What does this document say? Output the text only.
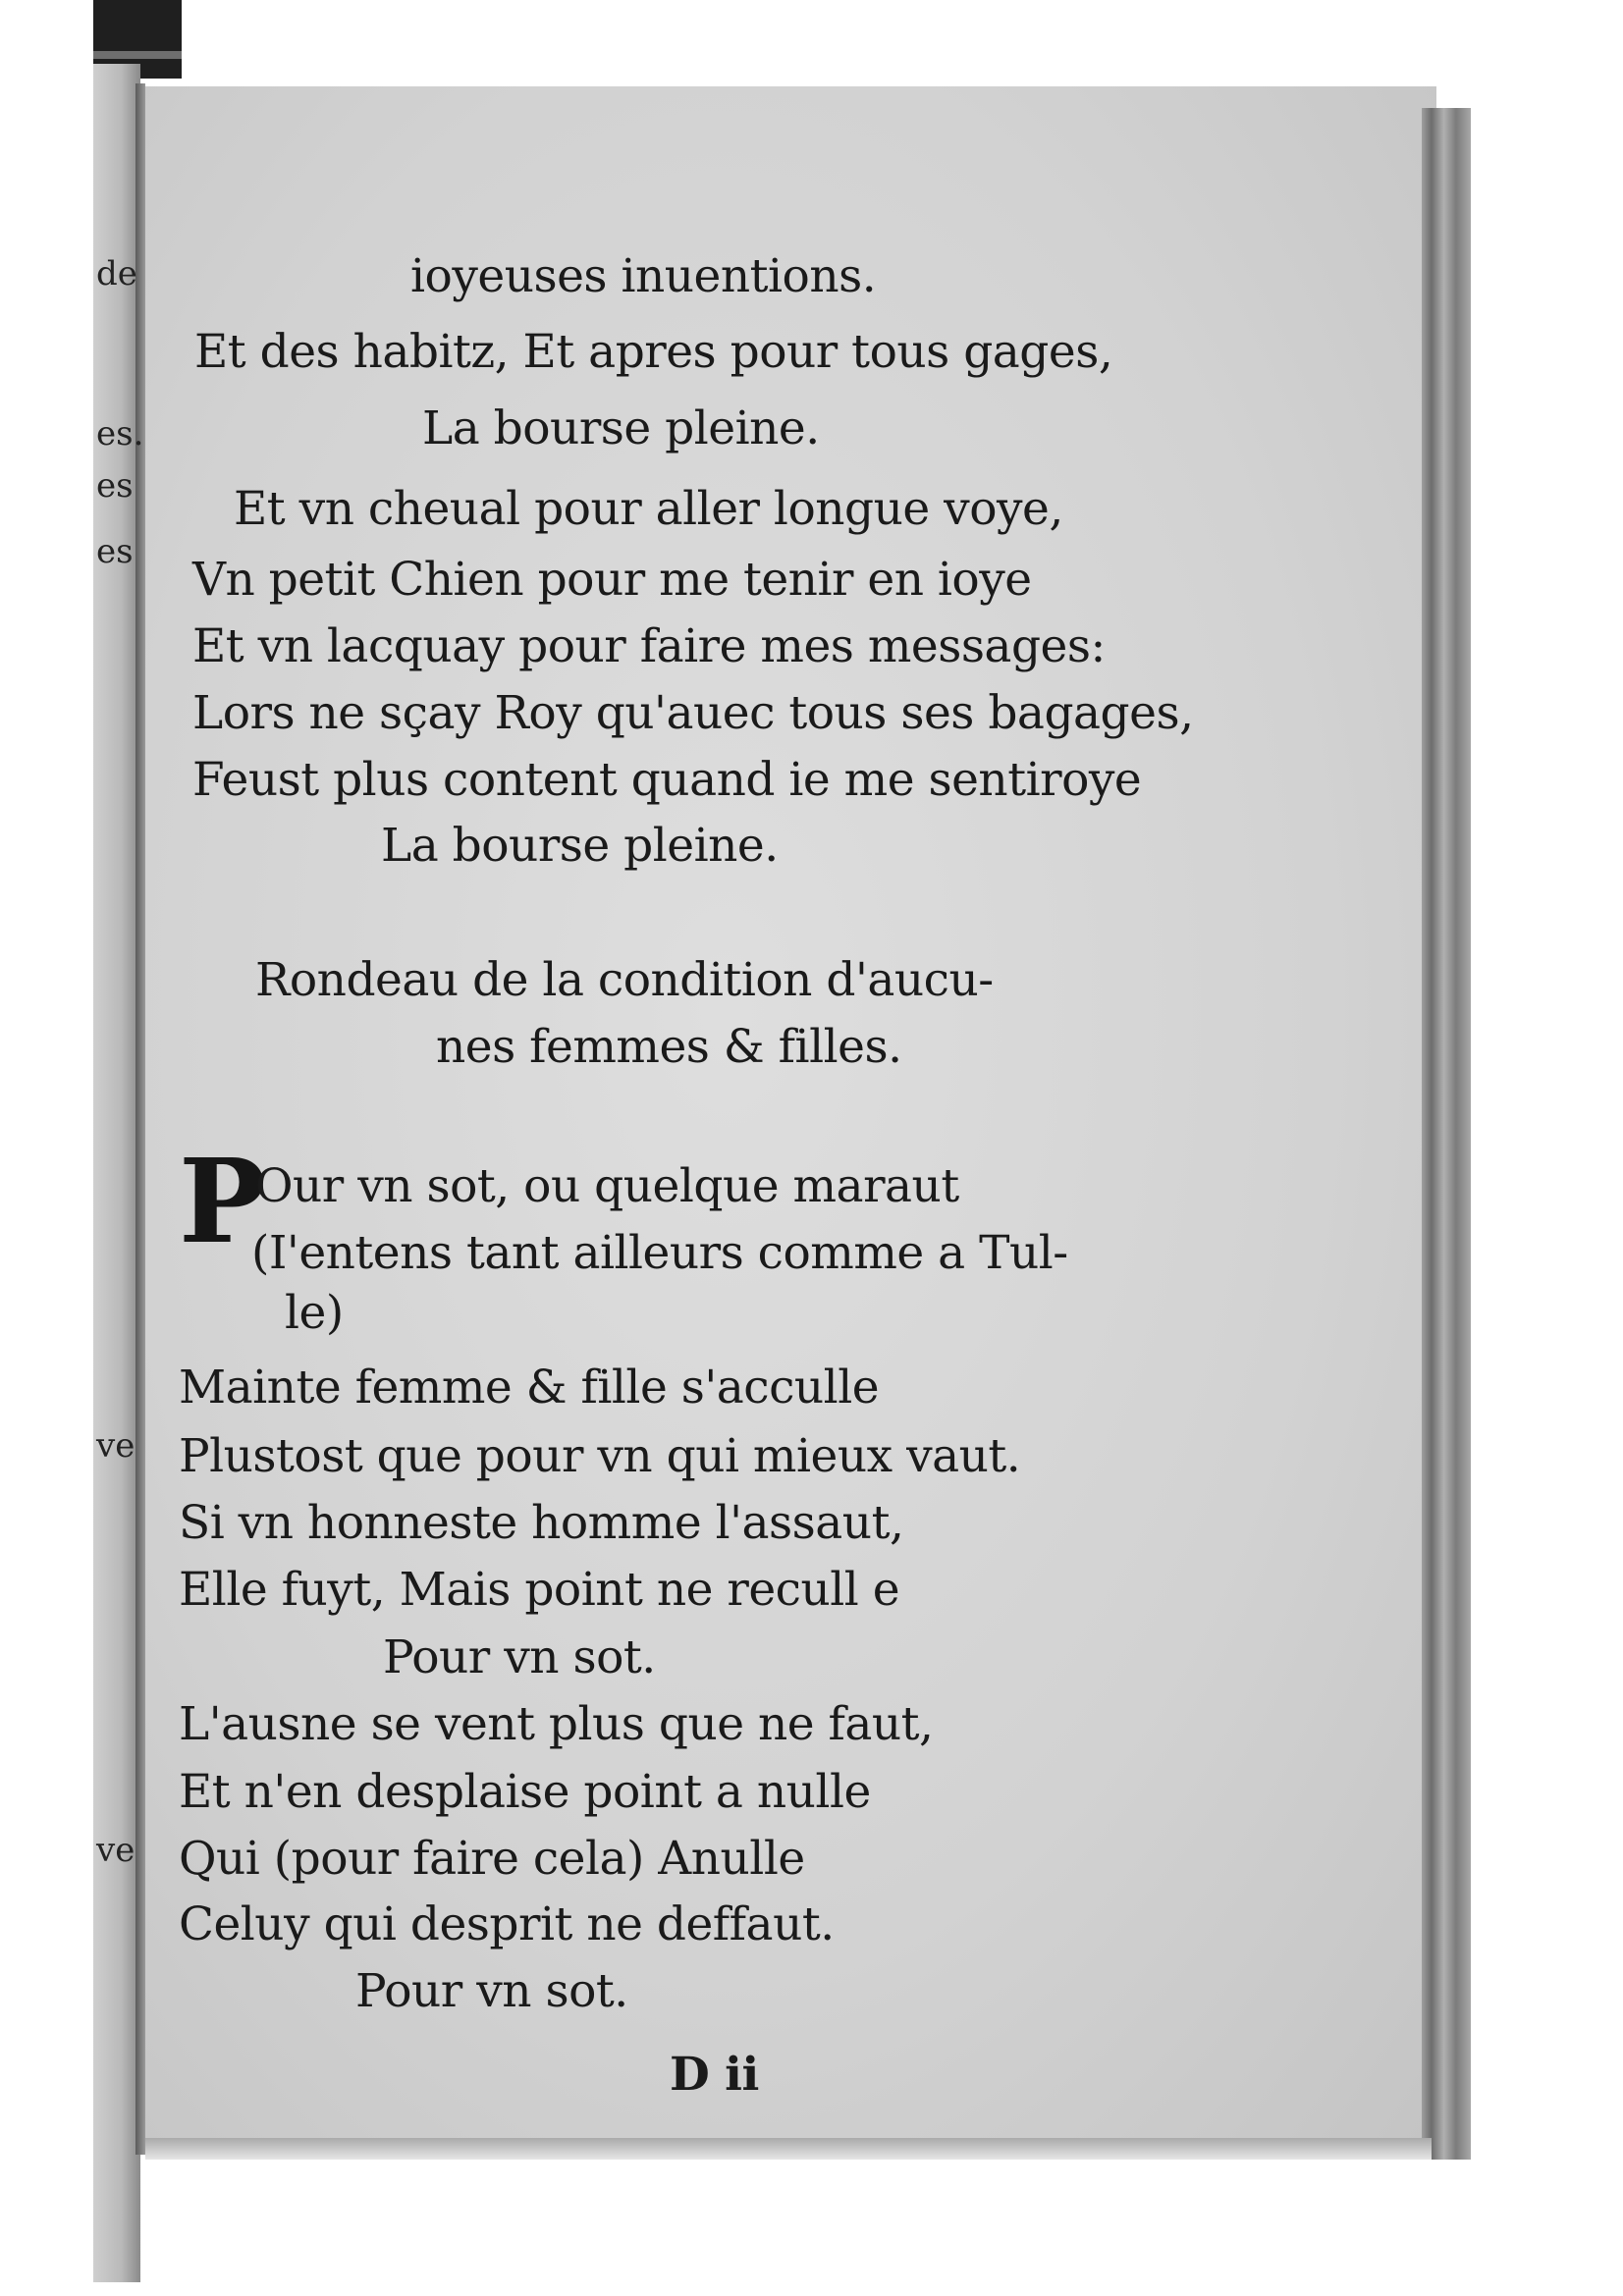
de
es.
es
es
ve
ve
ioyeuses inuentions.
Et des habitz, Et apres pour tous gages,
La bourse pleine.
Et vn cheual pour aller longue voye,
Vn petit Chien pour me tenir en ioye
Et vn lacquay pour faire mes messages:
Lors ne sçay Roy qu'auec tous ses bagages,
Feust plus content quand ie me sentiroye
La bourse pleine.
Rondeau de la condition d'aucu-
nes femmes & filles.
P
Our vn sot, ou quelque maraut
(I'entens tant ailleurs comme a Tul-
le)
Mainte femme & fille s'acculle
Plustost que pour vn qui mieux vaut.
Si vn honneste homme l'assaut,
Elle fuyt, Mais point ne recull e
Pour vn sot.
L'ausne se vent plus que ne faut,
Et n'en desplaise point a nulle
Qui (pour faire cela) Anulle
Celuy qui desprit ne deffaut.
Pour vn sot.
D ii
